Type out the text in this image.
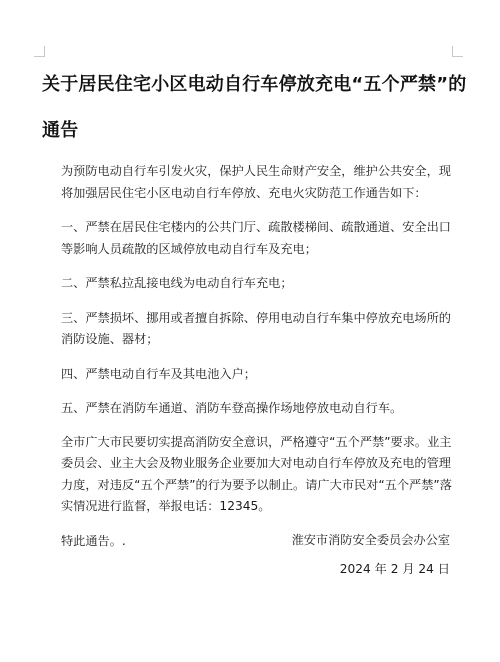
关于居民住宅小区电动自行车停放充电“五个严禁”的
通告

为预防电动自行车引发火灾，保护人民生命财产安全，维护公共安全，现将加强居民住宅小区电动自行车停放、充电火灾防范工作通告如下：

一、严禁在居民住宅楼内的公共门厅、疏散楼梯间、疏散通道、安全出口等影响人员疏散的区域停放电动自行车及充电；

二、严禁私拉乱接电线为电动自行车充电；

三、严禁损坏、挪用或者擅自拆除、停用电动自行车集中停放充电场所的消防设施、器材；

四、严禁电动自行车及其电池入户；

五、严禁在消防车通道、消防车登高操作场地停放电动自行车。

全市广大市民要切实提高消防安全意识，严格遵守“五个严禁”要求。业主委员会、业主大会及物业服务企业要加大对电动自行车停放及充电的管理力度，对违反“五个严禁”的行为要予以制止。请广大市民对“五个严禁”落实情况进行监督，举报电话：12345。

特此通告。.	淮安市消防安全委员会办公室
2024 年 2 月 24 日
